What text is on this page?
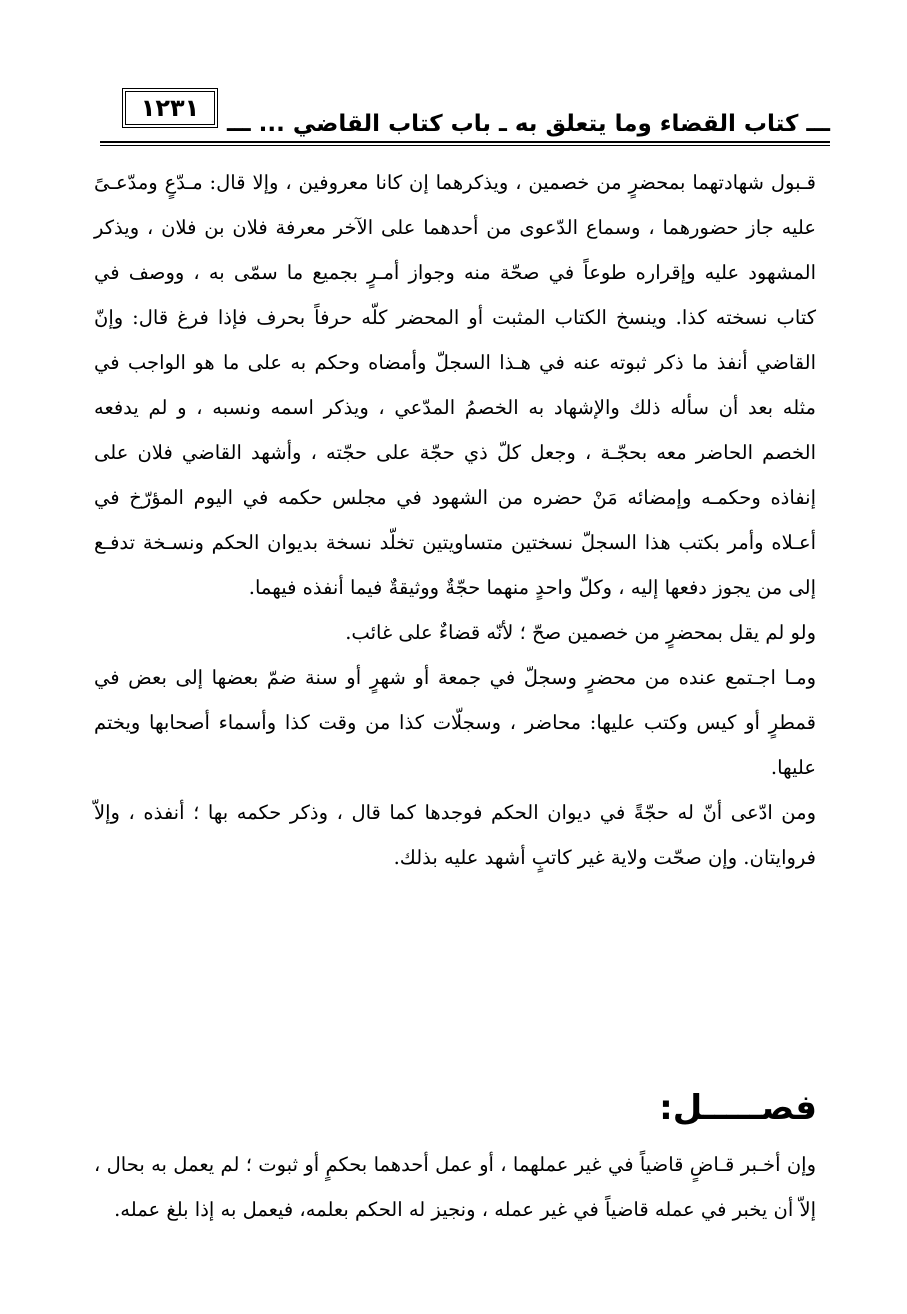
١٢٣١
ـــ كتاب القضاء وما يتعلق به ـ باب كتاب القاضي ... ـــ

قـبول شهادتهما بمحضرٍ من خصمين ، ويذكرهما إن كانا معروفين ، وإلا قال: مـدّعٍ ومدّعـىً عليه جاز حضورهما ، وسماع الدّعوى من أحدهما على الآخر معرفة فلان بن فلان ، ويذكر المشهود عليه وإقراره طوعاً في صحّة منه وجواز أمـرٍ بجميع ما سمّى به ، ووصف في كتاب نسخته كذا. وينسخ الكتاب المثبت أو المحضر كلّه حرفاً بحرف فإذا فرغ قال: وإنّ القاضي أنفذ ما ذكر ثبوته عنه في هـذا السجلّ وأمضاه وحكم به على ما هو الواجب في مثله بعد أن سأله ذلك والإشهاد به الخصمُ المدّعي ، ويذكر اسمه ونسبه ، و لم يدفعه الخصم الحاضر معه بحجّـة ، وجعل كلّ ذي حجّة على حجّته ، وأشهد القاضي فلان على إنفاذه وحكمـه وإمضائه مَنْ حضره من الشهود في مجلس حكمه في اليوم المؤرّخ في أعـلاه وأمر بكتب هذا السجلّ نسختين متساويتين تخلّد نسخة بديوان الحكم ونسـخة تدفـع إلى من يجوز دفعها إليه ، وكلّ واحدٍ منهما حجّةٌ ووثيقةٌ فيما أنفذه فيهما.

ولو لم يقل بمحضرٍ من خصمين صحّ ؛ لأنّه قضاءٌ على غائب.

ومـا اجـتمع عنده من محضرٍ وسجلّ في جمعة أو شهرٍ أو سنة ضمّ بعضها إلى بعض في قمطرٍ أو كيس وكتب عليها: محاضر ، وسجلّات كذا من وقت كذا وأسماء أصحابها ويختم عليها.

ومن ادّعى أنّ له حجّةً في ديوان الحكم فوجدها كما قال ، وذكر حكمه بها ؛ أنفذه ، وإلاّ فروايتان. وإن صحّت ولاية غير كاتبٍ أشهد عليه بذلك.

فصـــــل:

وإن أخـبر قـاضٍ قاضياً في غير عملهما ، أو عمل أحدهما بحكمٍ أو ثبوت ؛ لم يعمل به بحال ، إلاّ أن يخبر في عمله قاضياً في غير عمله ، ونجيز له الحكم بعلمه، فيعمل به إذا بلغ عمله.
